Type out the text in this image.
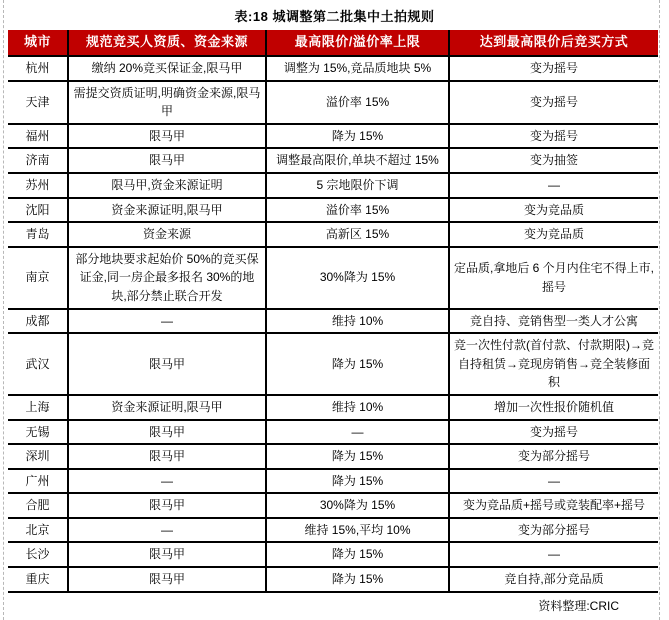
表:18 城调整第二批集中土拍规则
城市	规范竞买人资质、资金来源	最高限价/溢价率上限	达到最高限价后竞买方式
杭州	缴纳 20%竞买保证金,限马甲	调整为 15%,竞品质地块 5%	变为摇号
天津	需提交资质证明,明确资金来源,限马甲	溢价率 15%	变为摇号
福州	限马甲	降为 15%	变为摇号
济南	限马甲	调整最高限价,单块不超过 15%	变为抽签
苏州	限马甲,资金来源证明	5 宗地限价下调	—
沈阳	资金来源证明,限马甲	溢价率 15%	变为竞品质
青岛	资金来源	高新区 15%	变为竞品质
南京	部分地块要求起始价 50%的竞买保证金,同一房企最多报名 30%的地块,部分禁止联合开发	30%降为 15%	定品质,拿地后 6 个月内住宅不得上市,摇号
成都	—	维持 10%	竞自持、竞销售型一类人才公寓
武汉	限马甲	降为 15%	竞一次性付款(首付款、付款期限)→竞自持租赁→竞现房销售→竞全装修面积
上海	资金来源证明,限马甲	维持 10%	增加一次性报价随机值
无锡	限马甲	—	变为摇号
深圳	限马甲	降为 15%	变为部分摇号
广州	—	降为 15%	—
合肥	限马甲	30%降为 15%	变为竞品质+摇号或竞装配率+摇号
北京	—	维持 15%,平均 10%	变为部分摇号
长沙	限马甲	降为 15%	—
重庆	限马甲	降为 15%	竞自持,部分竞品质
资料整理:CRIC
